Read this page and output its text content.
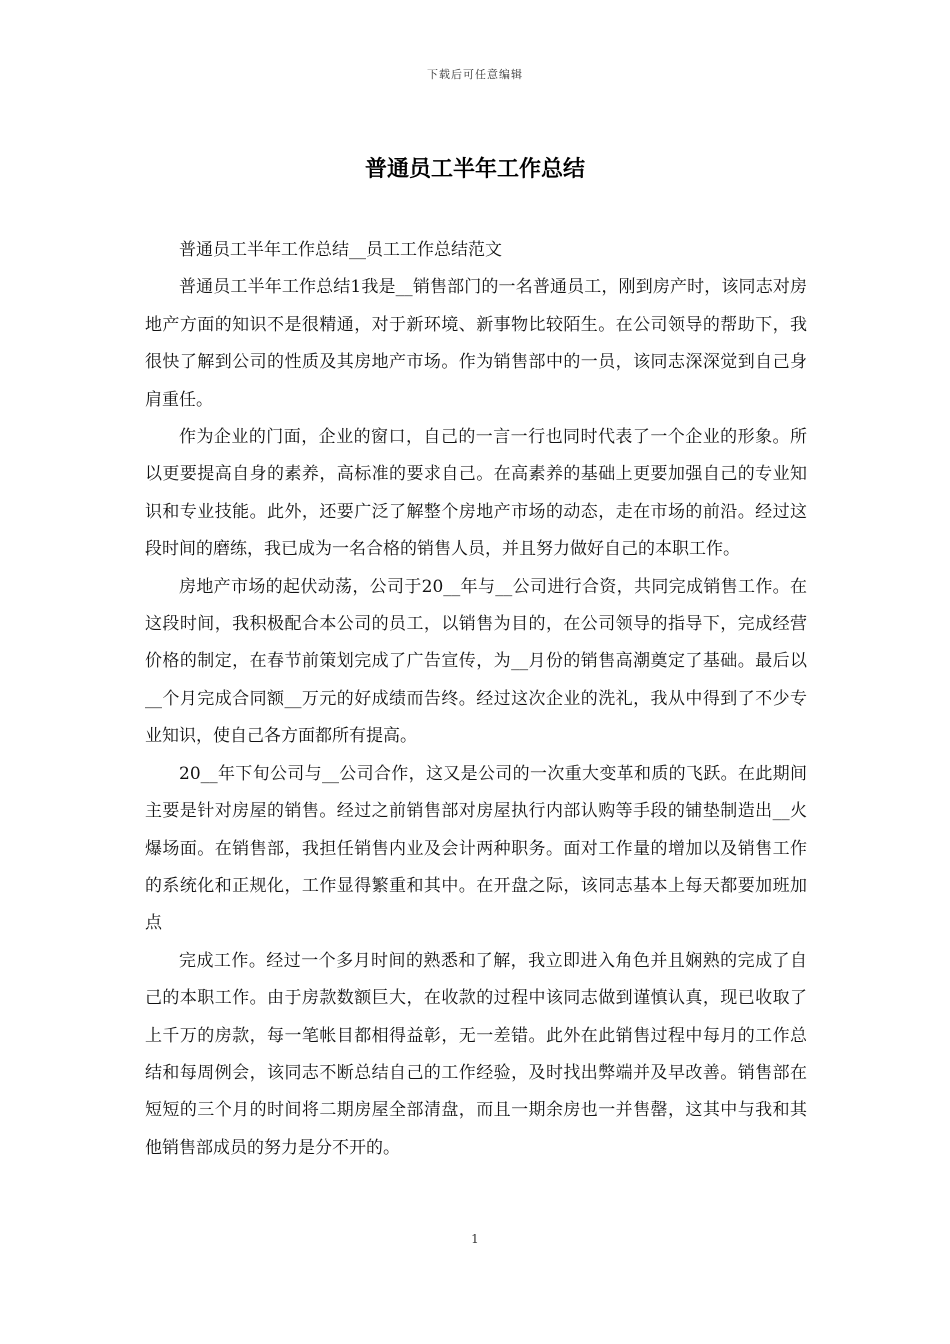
下载后可任意编辑
普通员工半年工作总结

普通员工半年工作总结__员工工作总结范文

普通员工半年工作总结1我是__销售部门的一名普通员工，刚到房产时，该同志对房地产方面的知识不是很精通，对于新环境、新事物比较陌生。在公司领导的帮助下，我很快了解到公司的性质及其房地产市场。作为销售部中的一员，该同志深深觉到自己身肩重任。

作为企业的门面，企业的窗口，自己的一言一行也同时代表了一个企业的形象。所以更要提高自身的素养，高标准的要求自己。在高素养的基础上更要加强自己的专业知识和专业技能。此外，还要广泛了解整个房地产市场的动态，走在市场的前沿。经过这段时间的磨练，我已成为一名合格的销售人员，并且努力做好自己的本职工作。

房地产市场的起伏动荡，公司于20__年与__公司进行合资，共同完成销售工作。在这段时间，我积极配合本公司的员工，以销售为目的，在公司领导的指导下，完成经营价格的制定，在春节前策划完成了广告宣传，为__月份的销售高潮奠定了基础。最后以__个月完成合同额__万元的好成绩而告终。经过这次企业的洗礼，我从中得到了不少专业知识，使自己各方面都所有提高。

20__年下旬公司与__公司合作，这又是公司的一次重大变革和质的飞跃。在此期间主要是针对房屋的销售。经过之前销售部对房屋执行内部认购等手段的铺垫制造出__火爆场面。在销售部，我担任销售内业及会计两种职务。面对工作量的增加以及销售工作的系统化和正规化，工作显得繁重和其中。在开盘之际，该同志基本上每天都要加班加点

完成工作。经过一个多月时间的熟悉和了解，我立即进入角色并且娴熟的完成了自己的本职工作。由于房款数额巨大，在收款的过程中该同志做到谨慎认真，现已收取了上千万的房款，每一笔帐目都相得益彰，无一差错。此外在此销售过程中每月的工作总结和每周例会，该同志不断总结自己的工作经验，及时找出弊端并及早改善。销售部在短短的三个月的时间将二期房屋全部清盘，而且一期余房也一并售罄，这其中与我和其他销售部成员的努力是分不开的。

1
